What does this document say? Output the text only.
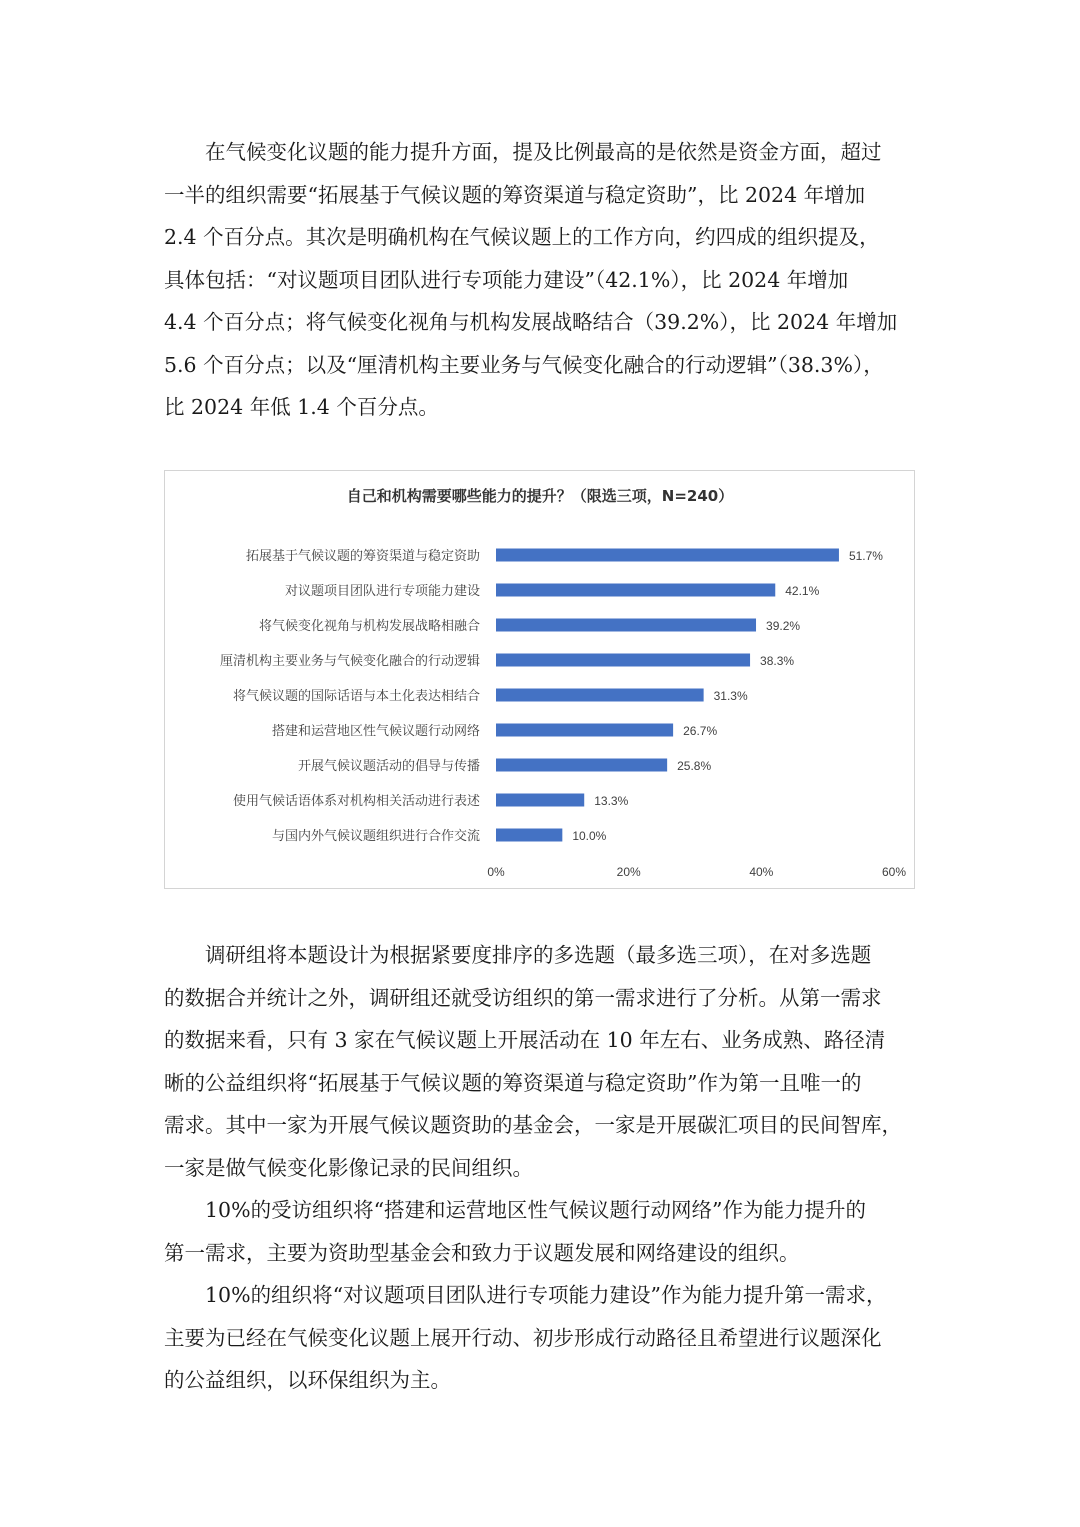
　　在气候变化议题的能力提升方面，提及比例最高的是依然是资金方面，超过
一半的组织需要“拓展基于气候议题的筹资渠道与稳定资助”，比 2024 年增加
2.4 个百分点。其次是明确机构在气候议题上的工作方向，约四成的组织提及，
具体包括：“对议题项目团队进行专项能力建设”（42.1%），比 2024 年增加
4.4 个百分点；将气候变化视角与机构发展战略结合（39.2%），比 2024 年增加
5.6 个百分点；以及“厘清机构主要业务与气候变化融合的行动逻辑”（38.3%），
比 2024 年低 1.4 个百分点。
自己和机构需要哪些能力的提升？（限选三项，N=240）
拓展基于气候议题的筹资渠道与稳定资助	51.7%
对议题项目团队进行专项能力建设	42.1%
将气候变化视角与机构发展战略相融合	39.2%
厘清机构主要业务与气候变化融合的行动逻辑	38.3%
将气候议题的国际话语与本土化表达相结合	31.3%
搭建和运营地区性气候议题行动网络	26.7%
开展气候议题活动的倡导与传播	25.8%
使用气候话语体系对机构相关活动进行表述	13.3%
与国内外气候议题组织进行合作交流	10.0%
0%	20%	40%	60%
　　调研组将本题设计为根据紧要度排序的多选题（最多选三项），在对多选题
的数据合并统计之外，调研组还就受访组织的第一需求进行了分析。从第一需求
的数据来看，只有 3 家在气候议题上开展活动在 10 年左右、业务成熟、路径清
晰的公益组织将“拓展基于气候议题的筹资渠道与稳定资助”作为第一且唯一的
需求。其中一家为开展气候议题资助的基金会，一家是开展碳汇项目的民间智库，
一家是做气候变化影像记录的民间组织。
　　10%的受访组织将“搭建和运营地区性气候议题行动网络”作为能力提升的
第一需求，主要为资助型基金会和致力于议题发展和网络建设的组织。
　　10%的组织将“对议题项目团队进行专项能力建设”作为能力提升第一需求，
主要为已经在气候变化议题上展开行动、初步形成行动路径且希望进行议题深化
的公益组织，以环保组织为主。
